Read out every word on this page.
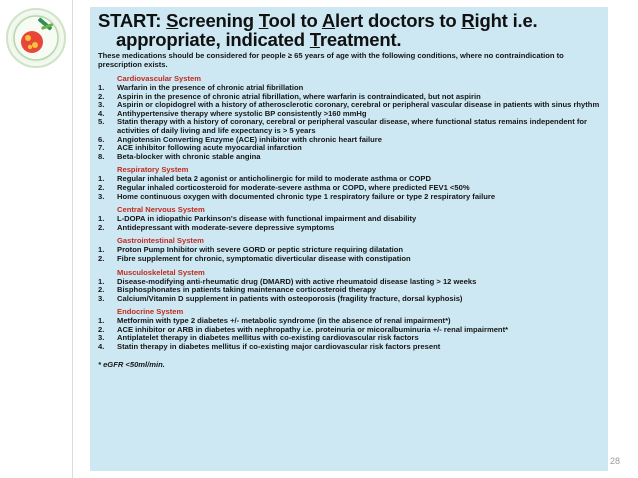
START: Screening Tool to Alert doctors to Right i.e.
appropriate, indicated Treatment.
These medications should be considered for people ≥ 65 years of age with the following conditions, where no contraindication to prescription exists.
Cardiovascular System
1.	Warfarin in the presence of chronic atrial fibrillation
2.	Aspirin in the presence of chronic atrial fibrillation, where warfarin is contraindicated, but not aspirin
3.	Aspirin or clopidogrel with a history of atherosclerotic coronary, cerebral or peripheral vascular disease in patients with sinus rhythm
4.	Antihypertensive therapy where systolic BP consistently >160 mmHg
5.	Statin therapy with a history of coronary, cerebral or peripheral vascular disease, where functional status remains independent for activities of daily living and life expectancy is > 5 years
6.	Angiotensin Converting Enzyme (ACE) inhibitor with chronic heart failure
7.	ACE inhibitor following acute myocardial infarction
8.	Beta-blocker with chronic stable angina
Respiratory System
1.	Regular inhaled beta 2 agonist or anticholinergic for mild to moderate asthma or COPD
2.	Regular inhaled corticosteroid for moderate-severe asthma or COPD, where predicted FEV1 <50%
3.	Home continuous oxygen with documented chronic type 1 respiratory failure or type 2 respiratory failure
Central Nervous System
1.	L-DOPA in idiopathic Parkinson's disease with functional impairment and disability
2.	Antidepressant with moderate-severe depressive symptoms
Gastrointestinal System
1.	Proton Pump Inhibitor with severe GORD or peptic stricture requiring dilatation
2.	Fibre supplement for chronic, symptomatic diverticular disease with constipation
Musculoskeletal System
1.	Disease-modifying anti-rheumatic drug (DMARD) with active rheumatoid disease lasting > 12 weeks
2.	Bisphosphonates in patients taking maintenance corticosteroid therapy
3.	Calcium/Vitamin D supplement in patients with osteoporosis (fragility fracture, dorsal kyphosis)
Endocrine System
1.	Metformin with type 2 diabetes +/- metabolic syndrome (in the absence of renal impairment*)
2.	ACE inhibitor or ARB in diabetes with nephropathy i.e. proteinuria or micoralbuminuria +/- renal impairment*
3.	Antiplatelet therapy in diabetes mellitus with co-existing cardiovascular risk factors
4.	Statin therapy in diabetes mellitus if co-existing major cardiovascular risk factors present
* eGFR <50ml/min.
28
